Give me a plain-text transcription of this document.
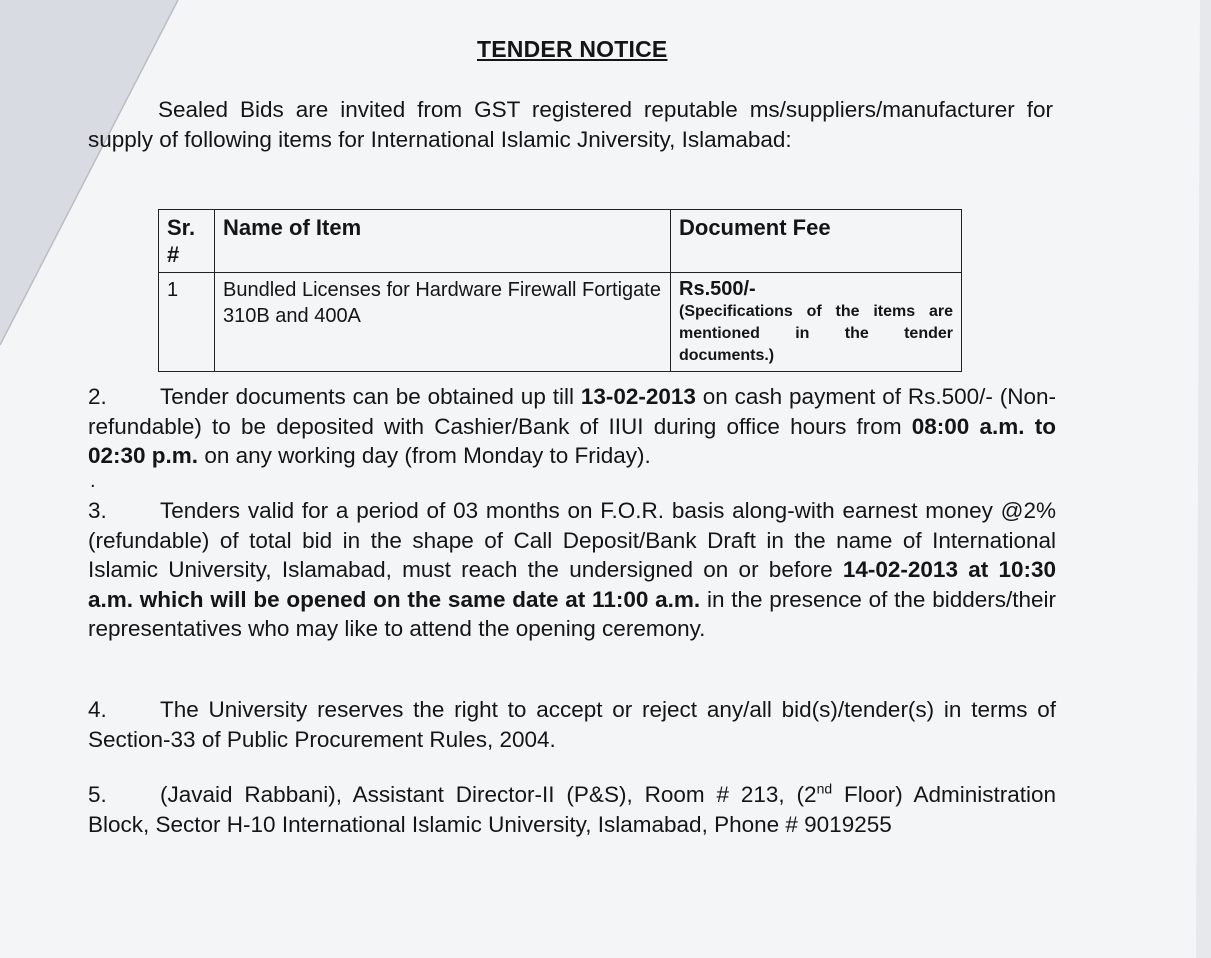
TENDER NOTICE

Sealed Bids are invited from GST registered reputable ms/suppliers/manufacturer for supply of following items for International Islamic Jniversity, Islamabad:

Sr. #	Name of Item	Document Fee
1	Bundled Licenses for Hardware Firewall Fortigate 310B and 400A	Rs.500/-
(Specifications of the items are mentioned in the tender documents.)

2. Tender documents can be obtained up till 13-02-2013 on cash payment of Rs.500/- (Non-refundable) to be deposited with Cashier/Bank of IIUI during office hours from 08:00 a.m. to 02:30 p.m. on any working day (from Monday to Friday).

.

3. Tenders valid for a period of 03 months on F.O.R. basis along-with earnest money @2% (refundable) of total bid in the shape of Call Deposit/Bank Draft in the name of International Islamic University, Islamabad, must reach the undersigned on or before 14-02-2013 at 10:30 a.m. which will be opened on the same date at 11:00 a.m. in the presence of the bidders/their representatives who may like to attend the opening ceremony.

4. The University reserves the right to accept or reject any/all bid(s)/tender(s) in terms of Section-33 of Public Procurement Rules, 2004.

5. (Javaid Rabbani), Assistant Director-II (P&S), Room # 213, (2nd Floor) Administration Block, Sector H-10 International Islamic University, Islamabad, Phone # 9019255
